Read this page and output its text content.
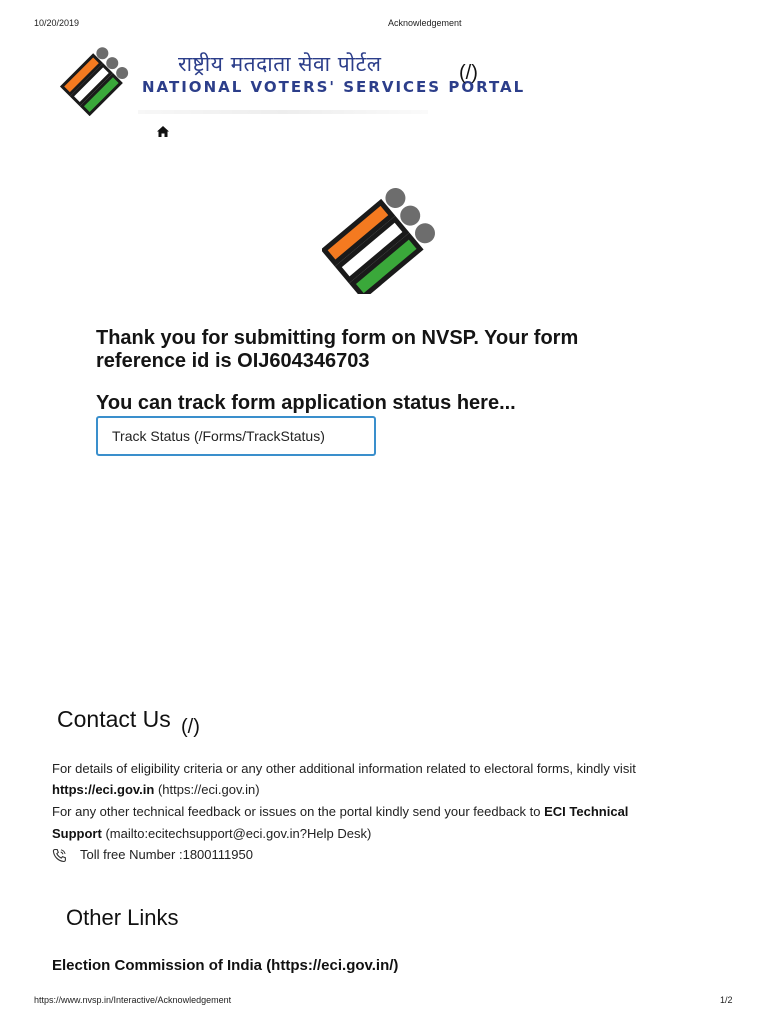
10/20/2019	Acknowledgement
राष्ट्रीय मतदाता सेवा पोर्टल
NATIONAL VOTERS' SERVICES PORTAL
(/)
Thank you for submitting form on NVSP. Your form
reference id is OIJ604346703
You can track form application status here...
Track Status (/Forms/TrackStatus)
Contact Us (/)
For details of eligibility criteria or any other additional information related to electoral forms, kindly visit
https://eci.gov.in (https://eci.gov.in)
For any other technical feedback or issues on the portal kindly send your feedback to ECI Technical
Support (mailto:ecitechsupport@eci.gov.in?Help Desk)
Toll free Number :1800111950
Other Links
Election Commission of India (https://eci.gov.in/)
https://www.nvsp.in/Interactive/Acknowledgement	1/2
